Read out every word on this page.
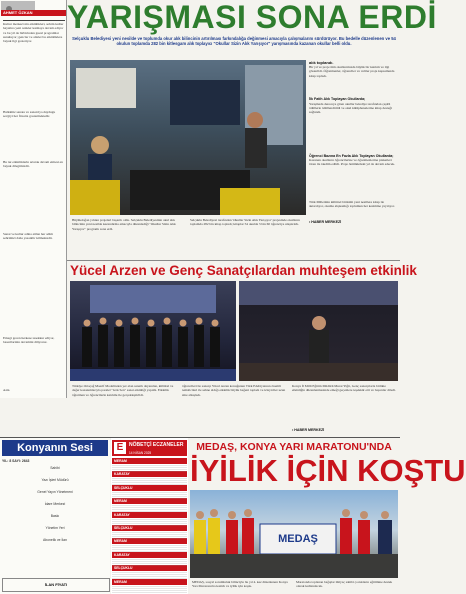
AHMET ÖZKAN
Kultur merkezi nin etkinlikleri, sehrin kultur hayatina yeni renkler katmaya devam ediyor ve bu yil da birbirinden guzel programlar sunuluyor; gencler ve aileler bu etkinliklere buyuk ilgi gosteriyor.
Halkimiz sanata ve sanatciya duydugu sevgiyi her firsatta gostermektedir.
Bu tur etkinliklerin artarak devam etmesi en buyuk dilegimizdir.
Sanat ve kultur adina atilan her adim sehrimizi daha yasanilir kilmaktadir.
Emegi gecen herkese tesekkur ediyor, basarilarinin devamini diliyoruz.
Aziz.
YARIŞMASI SONA ERDİ
Selçuklu Belediyesi yeni nesilde ve toplumda okur alık bilincinin artırılması farkındalığa değinmesi amacıyla çalışmalarını sürdürüyor. Bu bedelle düzenlenen ve 54 okulun toplamda 282 bin kitlesgam alık toplayıcı "Okullar Sizin Alık Yarışıyor" yarışmasında kazanan okullar belli oldu.
Büyükdoğan yılının projeleri başarılı oldu. Selçuklu Belediyesinin okul alık bilincinin yeni nesilde kazandırma amacıyla düzenlediği "Okullar Sizin Alık Yarışıyor" programı sona erdi.
Selçuklu Belediyesi tarafından 'Okullar Sizin Alık Yarışıyor' projesinde okulların toplamda 282 bin kitap topladı; kitaplar 54 okulda 3 bin 60 öğrenciye ulaştırıldı.
alık toplandı.
Bir yıl ve proje tüm okullarımızda büyük bir katılım ve ilgi gösterildi. Öğretmenler, öğrenciler ve veliler proje kapsamında kitap topladı.
İlk Fatih Alık Toplayan Okullarda;
Yarışmada dereceye giren okullar belediye tarafından çeşitli ödüllerle ödüllendirildi ve okul kütüphanelerine kitap desteği sağlandı.
Öğrenci Bazına En Fazla Alık Toplayan Okullarda;
Kazanan okulların öğrencilerine ve öğretmenlerine plaketleri tören ile takdim edildi. Proje önümüzdeki yıl da devam edecek.
Türk Milletinin kültürel birikimi yeni nesillere kitap ile aktarılıyor, okuma alışkanlığı toplumun her kesimine yayılıyor.
• HABER MERKEZİ
Yücel Arzen ve Genç Sanatçılardan muhteşem etkinlik
Türkiye Ortaçağ Maarif Modelinden yer alan sanatlı dayanılan, kültürel ve değer kazanımlarıyla paralel "Gök Sen" sanat etkinliği yapıldı. Etkinlik öğretmen ve öğrencilerin katılımı ile gerçekleştirildi.
öğrencileri ile sanatçı Yücel Arzen konuğunun Türk Edebiyatının önemli temsilcileri ile sahne aldığı etkinlik büyük beğeni topladı ve izleyiciler uzun süre alkışladı.
Konya İl Milli Eğitim Müdürü Murat Yiğit, Genç sanatçılarla birlikte etkinliğin düzenlenmesinde emeği geçenlere teşekkür etti ve başarılar diledi.
• HABER MERKEZİ
Konyanın Sesi
YIL: 8 SAYI: 2643
Sahibi
Yazı İşleri Müdürü
Genel Yayın Yönetmeni
İdare Merkezi
Baskı
Yönetim Yeri
Abonelik ve İlan
İLAN FİYATI
E	NÖBETÇİ ECZANELER
14 NİSAN 2025
MERAM
KARATAY
SELÇUKLU
MERAM
KARATAY
SELÇUKLU
MERAM
KARATAY
SELÇUKLU
MERAM
MEDAŞ, KONYA YARI MARATONU'NDA
İYİLİK İÇİN KOŞTU
MEDAŞ
MEDAŞ, sosyal sorumluluk bilinciyle bu yıl 4. kez düzenlenen Konya Yarı Maratonu'na katıldı ve iyilik için koştu.
Maratonda toplanan bağışlar ihtiyaç sahibi çocukların eğitimine destek olarak kullanılacak.
